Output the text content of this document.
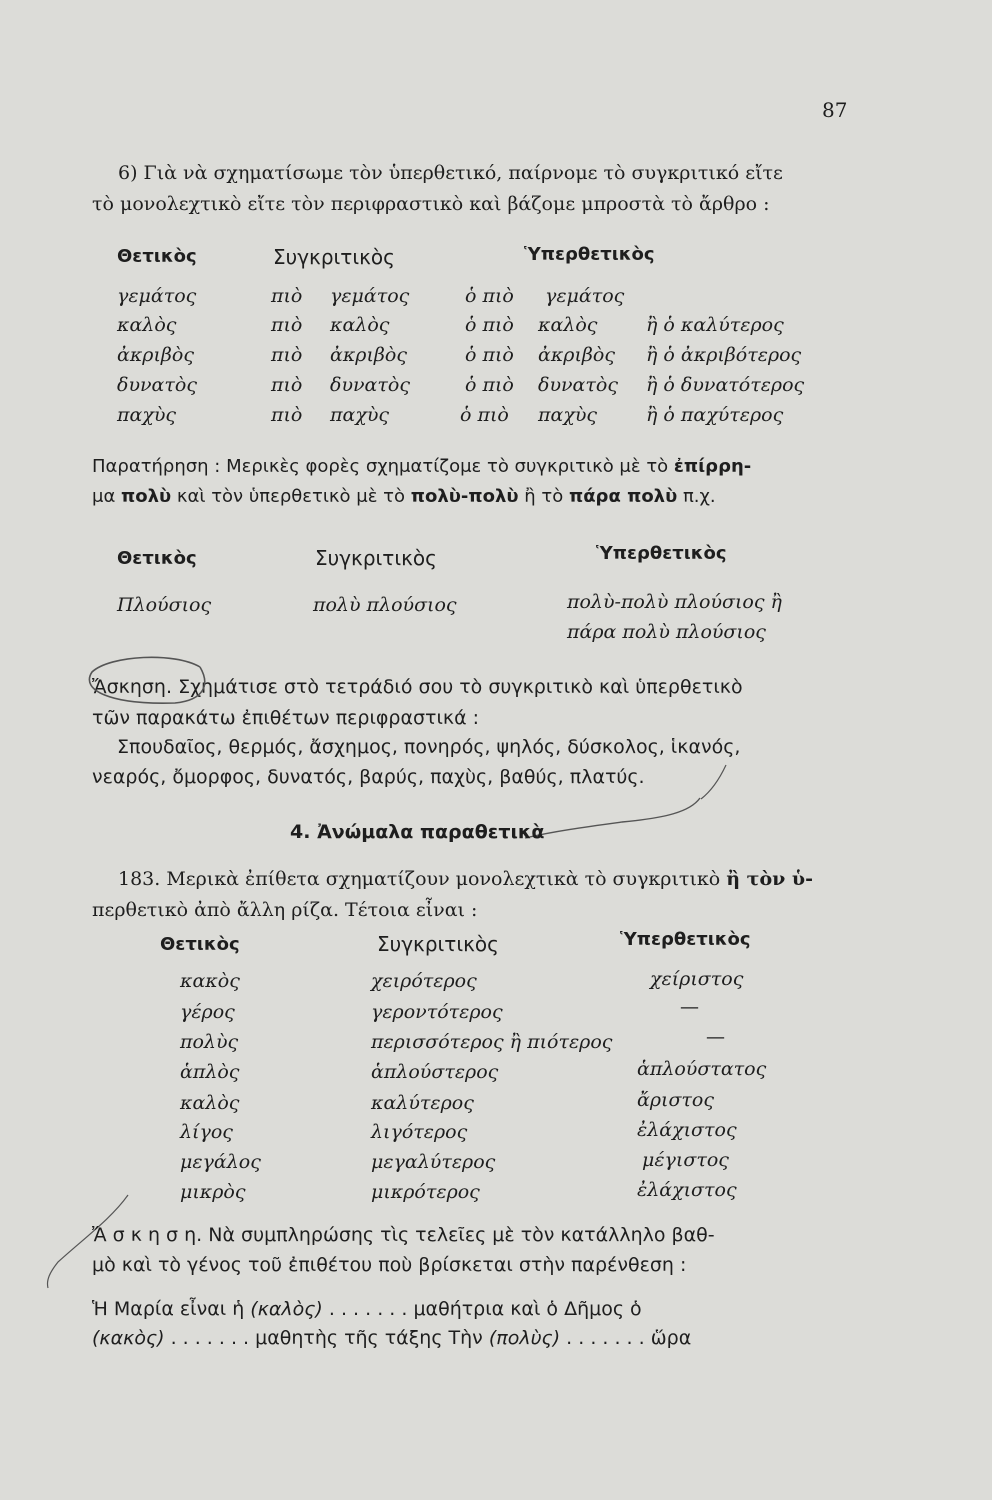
87
6) Γιὰ νὰ σχηματίσωμε τὸν ὑπερθετικό, παίρνομε τὸ συγκριτικό εἴτε
τὸ μονολεχτικὸ εἴτε τὸν περιφραστικὸ καὶ βάζομε μπροστὰ τὸ ἄρθρο :
Θετικὸς	Συγκριτικὸς	Ὑπερθετικὸς
γεμάτος	πιὸ γεμάτος	ὁ πιὸ γεμάτος
καλὸς	πιὸ καλὸς	ὁ πιὸ καλὸς	ἢ ὁ καλύτερος
ἀκριβὸς	πιὸ ἀκριβὸς	ὁ πιὸ ἀκριβὸς ἢ ὁ ἀκριβότερος
δυνατὸς	πιὸ δυνατὸς	ὁ πιὸ δυνατὸς ἢ ὁ δυνατότερος
παχὺς	πιὸ παχὺς	ὁ πιὸ παχὺς	ἢ ὁ παχύτερος
Παρατήρηση : Μερικὲς φορὲς σχηματίζομε τὸ συγκριτικὸ μὲ τὸ ἐπίρρη-
μα πολὺ καὶ τὸν ὑπερθετικὸ μὲ τὸ πολὺ-πολὺ ἢ τὸ πάρα πολὺ π.χ.
Θετικὸς	Συγκριτικὸς	Ὑπερθετικὸς
Πλούσιος	πολὺ πλούσιος	πολὺ-πολὺ πλούσιος ἢ
πάρα πολὺ πλούσιος
Ἄσκηση. Σχημάτισε στὸ τετράδιό σου τὸ συγκριτικὸ καὶ ὑπερθετικὸ
τῶν παρακάτω ἐπιθέτων περιφραστικά :
Σπουδαῖος, θερμός, ἄσχημος, πονηρός, ψηλός, δύσκολος, ἱκανός,
νεαρός, ὄμορφος, δυνατός, βαρύς, παχὺς, βαθύς, πλατύς.
4. Ἀνώμαλα παραθετικὰ
183. Μερικὰ ἐπίθετα σχηματίζουν μονολεχτικὰ τὸ συγκριτικὸ ἢ τὸν ὑ-
περθετικὸ ἀπὸ ἄλλη ρίζα. Τέτοια εἶναι :
Θετικὸς	Συγκριτικὸς	Ὑπερθετικὸς
κακὸς	χειρότερος	χείριστος
γέρος	γεροντότερος	—
πολὺς	περισσότερος ἢ πιότερος	—
ἁπλὸς	ἁπλούστερος	ἁπλούστατος
καλὸς	καλύτερος	ἄριστος
λίγος	λιγότερος	ἐλάχιστος
μεγάλος	μεγαλύτερος	μέγιστος
μικρὸς	μικρότερος	ἐλάχιστος
Ἄ σ κ η σ η. Νὰ συμπληρώσης τὶς τελεῖες μὲ τὸν κατάλληλο βαθ-
μὸ καὶ τὸ γένος τοῦ ἐπιθέτου ποὺ βρίσκεται στὴν παρένθεση :
Ἡ Μαρία εἶναι ἡ (καλὸς) . . . . . . . μαθήτρια καὶ ὁ Δῆμος ὁ
(κακὸς) . . . . . . . μαθητὴς τῆς τάξης Τὴν (πολὺς) . . . . . . . ὥρα
